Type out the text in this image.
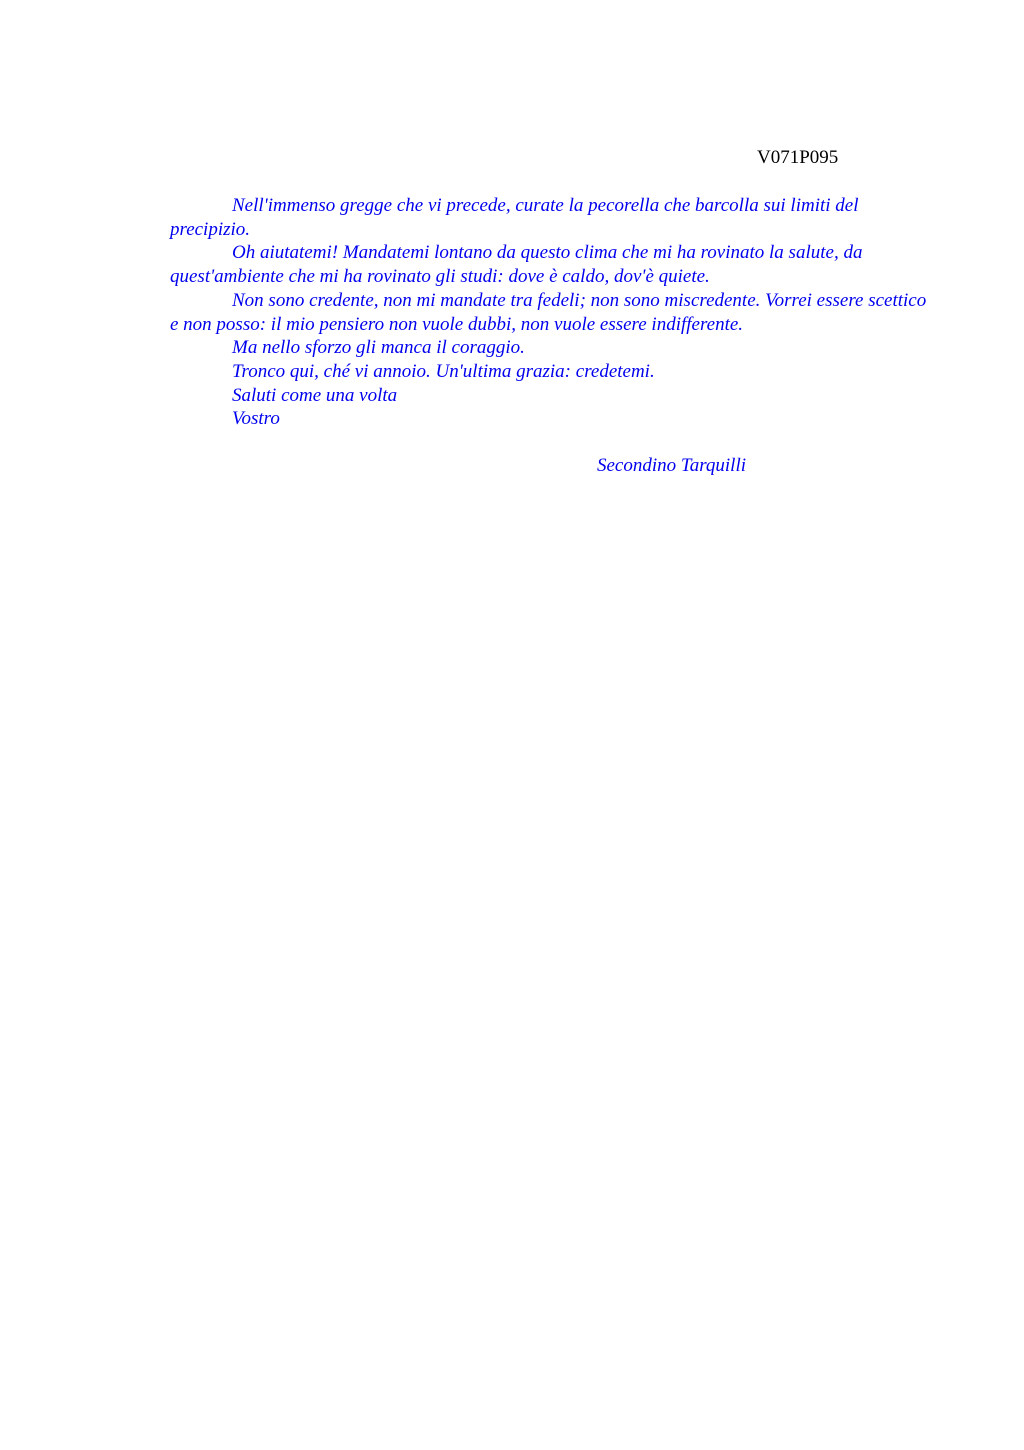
V071P095

Nell'immenso gregge che vi precede, curate la pecorella che barcolla sui limiti del precipizio.

Oh aiutatemi! Mandatemi lontano da questo clima che mi ha rovinato la salute, da quest'ambiente che mi ha rovinato gli studi: dove è caldo, dov'è quiete.

Non sono credente, non mi mandate tra fedeli; non sono miscredente. Vorrei essere scettico e non posso: il mio pensiero non vuole dubbi, non vuole essere indifferente.

Ma nello sforzo gli manca il coraggio.

Tronco qui, ché vi annoio. Un'ultima grazia: credetemi.

Saluti come una volta

Vostro

Secondino Tarquilli
